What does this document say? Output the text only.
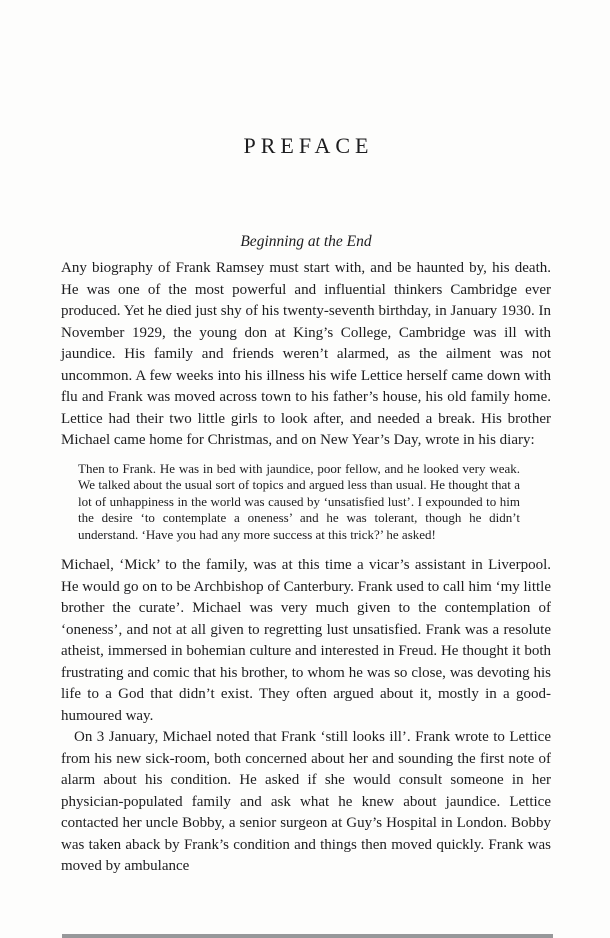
PREFACE
Beginning at the End

Any biography of Frank Ramsey must start with, and be haunted by, his death. He was one of the most powerful and influential thinkers Cambridge ever produced. Yet he died just shy of his twenty-seventh birthday, in January 1930. In November 1929, the young don at King’s College, Cambridge was ill with jaundice. His family and friends weren’t alarmed, as the ailment was not uncommon. A few weeks into his illness his wife Lettice herself came down with flu and Frank was moved across town to his father’s house, his old family home. Lettice had their two little girls to look after, and needed a break. His brother Michael came home for Christmas, and on New Year’s Day, wrote in his diary:

Then to Frank. He was in bed with jaundice, poor fellow, and he looked very weak. We talked about the usual sort of topics and argued less than usual. He thought that a lot of unhappiness in the world was caused by ‘unsatisfied lust’. I expounded to him the desire ‘to contemplate a oneness’ and he was tolerant, though he didn’t understand. ‘Have you had any more success at this trick?’ he asked!

Michael, ‘Mick’ to the family, was at this time a vicar’s assistant in Liverpool. He would go on to be Archbishop of Canterbury. Frank used to call him ‘my little brother the curate’. Michael was very much given to the contemplation of ‘oneness’, and not at all given to regretting lust unsatisfied. Frank was a resolute atheist, immersed in bohemian culture and interested in Freud. He thought it both frustrating and comic that his brother, to whom he was so close, was devoting his life to a God that didn’t exist. They often argued about it, mostly in a good-humoured way.

On 3 January, Michael noted that Frank ‘still looks ill’. Frank wrote to Lettice from his new sick-room, both concerned about her and sounding the first note of alarm about his condition. He asked if she would consult someone in her physician-populated family and ask what he knew about jaundice. Lettice contacted her uncle Bobby, a senior surgeon at Guy’s Hospital in London. Bobby was taken aback by Frank’s condition and things then moved quickly. Frank was moved by ambulance
